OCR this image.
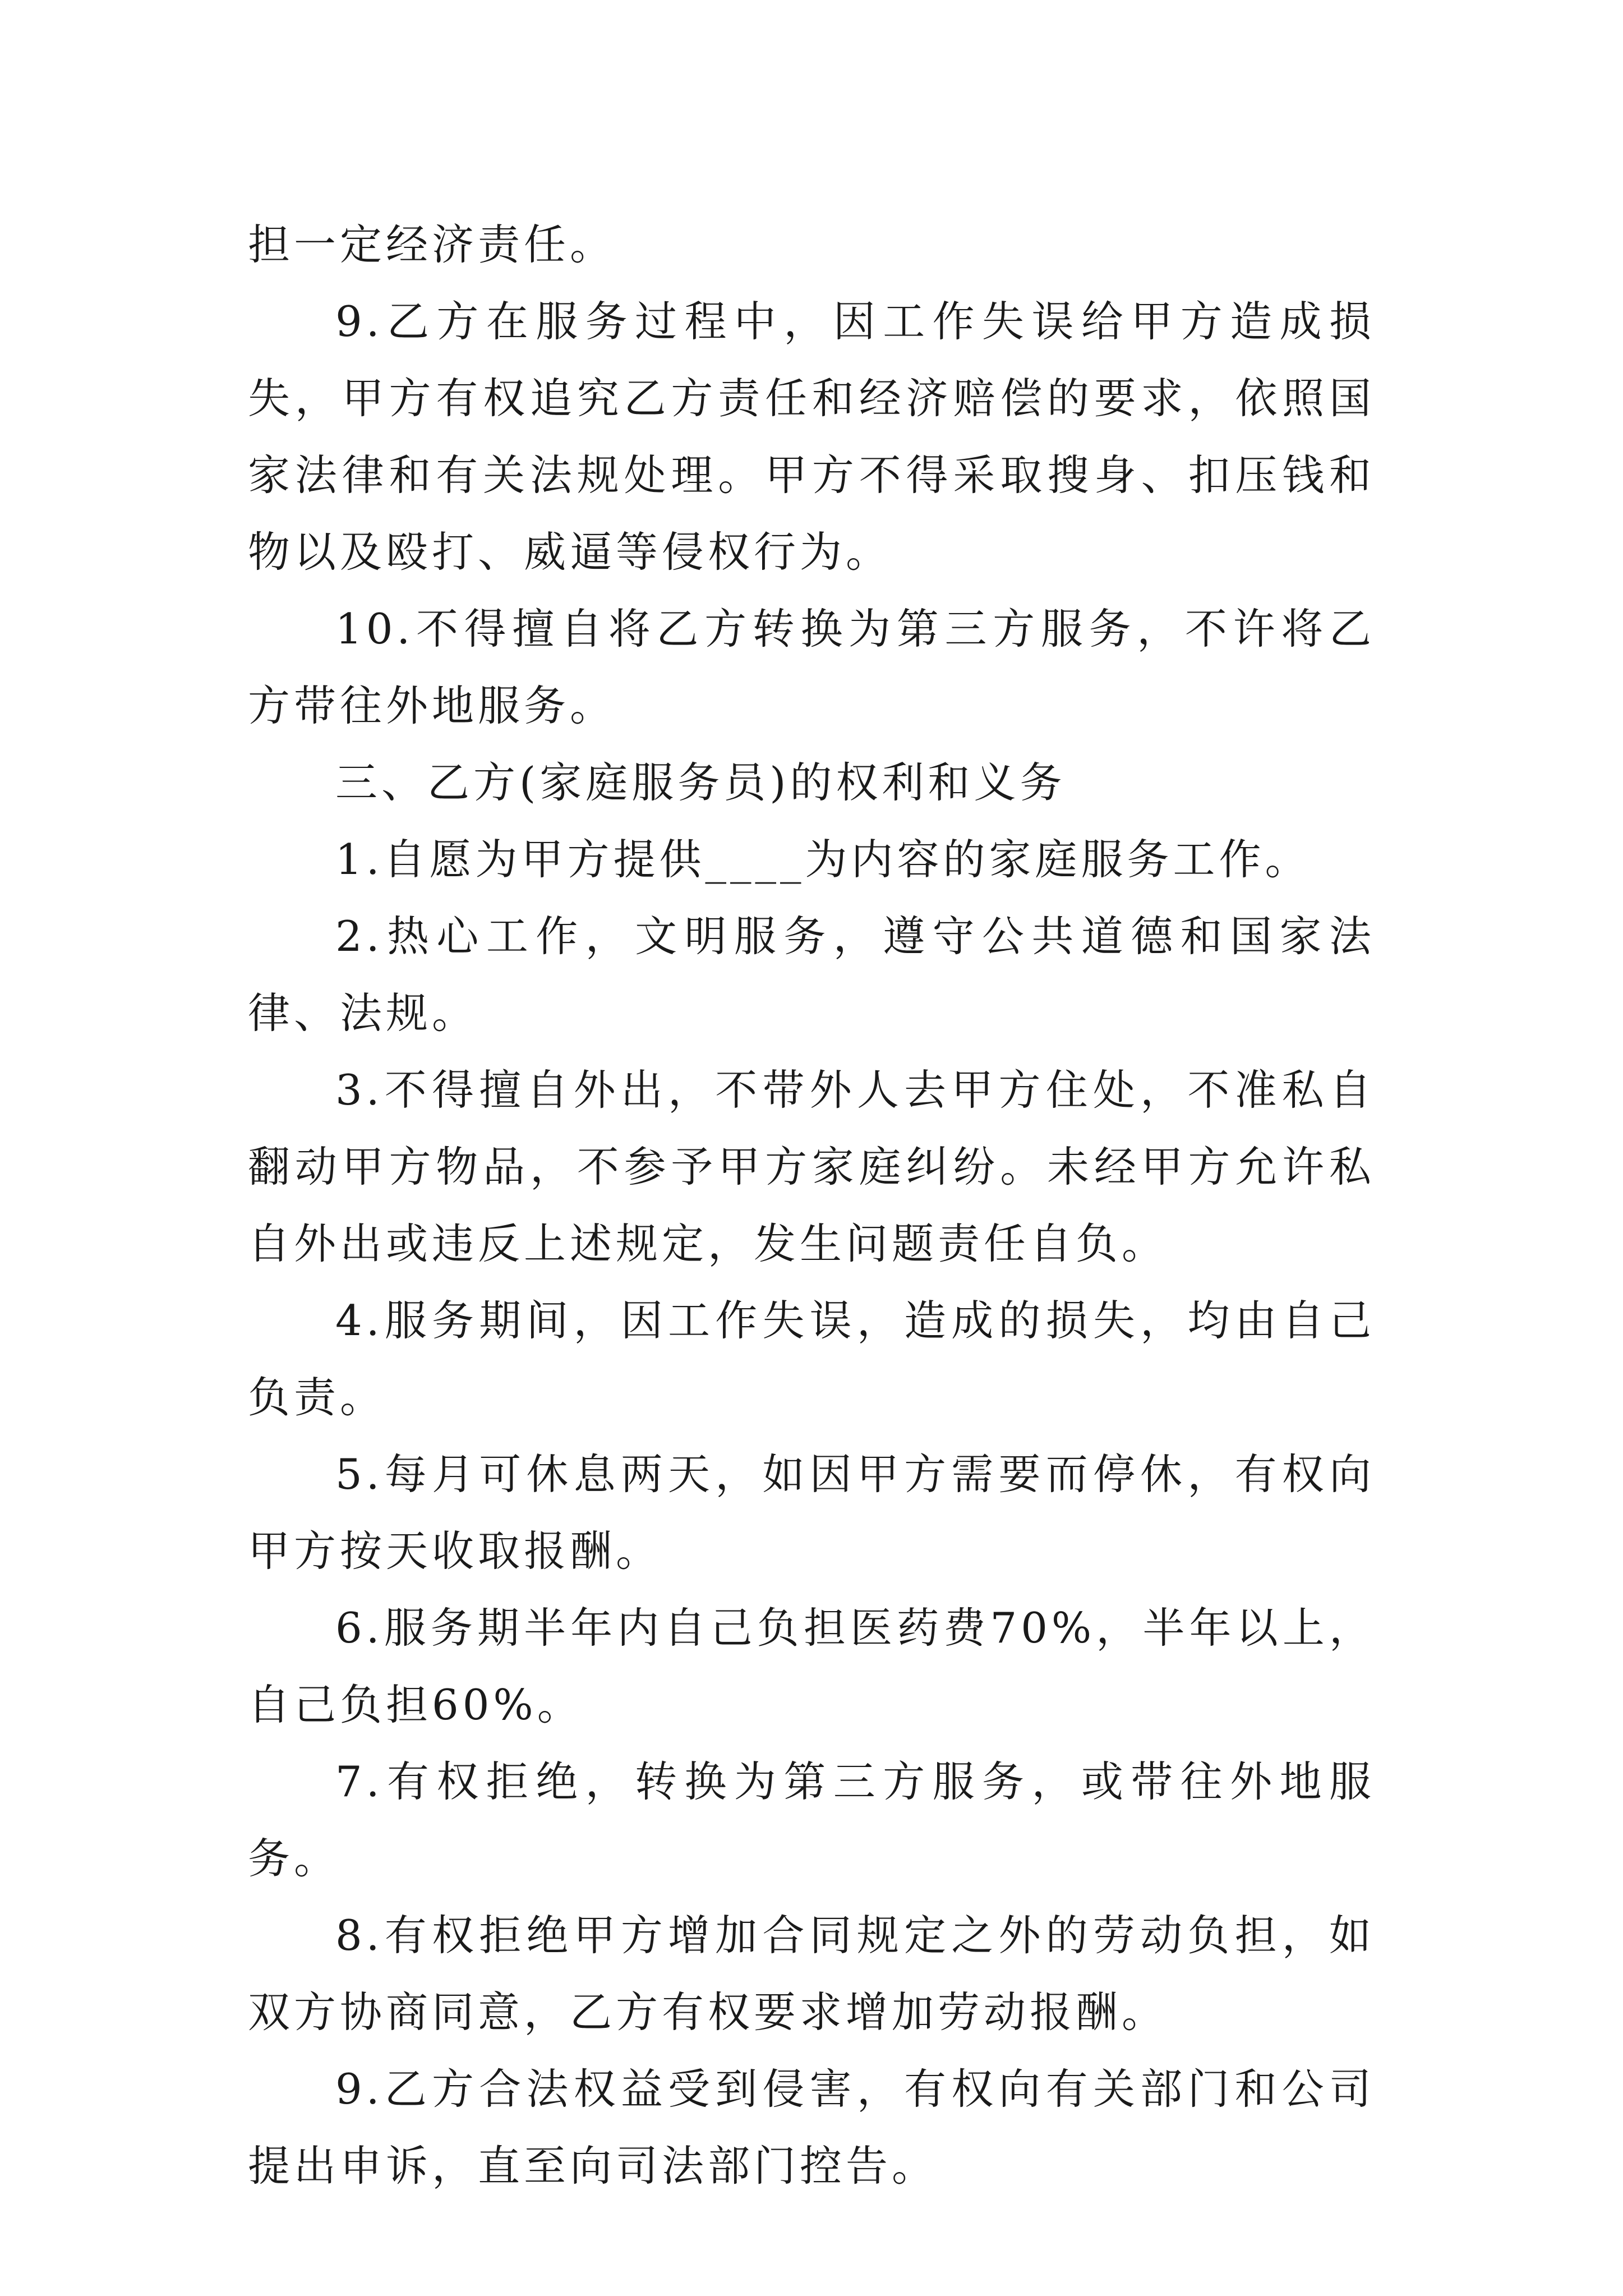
担一定经济责任。

9.乙方在服务过程中，因工作失误给甲方造成损失，甲方有权追究乙方责任和经济赔偿的要求，依照国家法律和有关法规处理。甲方不得采取搜身、扣压钱和物以及殴打、威逼等侵权行为。

10.不得擅自将乙方转换为第三方服务，不许将乙方带往外地服务。

三、乙方(家庭服务员)的权利和义务

1.自愿为甲方提供____为内容的家庭服务工作。

2.热心工作，文明服务，遵守公共道德和国家法律、法规。

3.不得擅自外出，不带外人去甲方住处，不准私自翻动甲方物品，不参予甲方家庭纠纷。未经甲方允许私自外出或违反上述规定，发生问题责任自负。

4.服务期间，因工作失误，造成的损失，均由自己负责。

5.每月可休息两天，如因甲方需要而停休，有权向甲方按天收取报酬。

6.服务期半年内自己负担医药费70%，半年以上，自己负担60%。

7.有权拒绝，转换为第三方服务，或带往外地服务。

8.有权拒绝甲方增加合同规定之外的劳动负担，如双方协商同意，乙方有权要求增加劳动报酬。

9.乙方合法权益受到侵害，有权向有关部门和公司提出申诉，直至向司法部门控告。
